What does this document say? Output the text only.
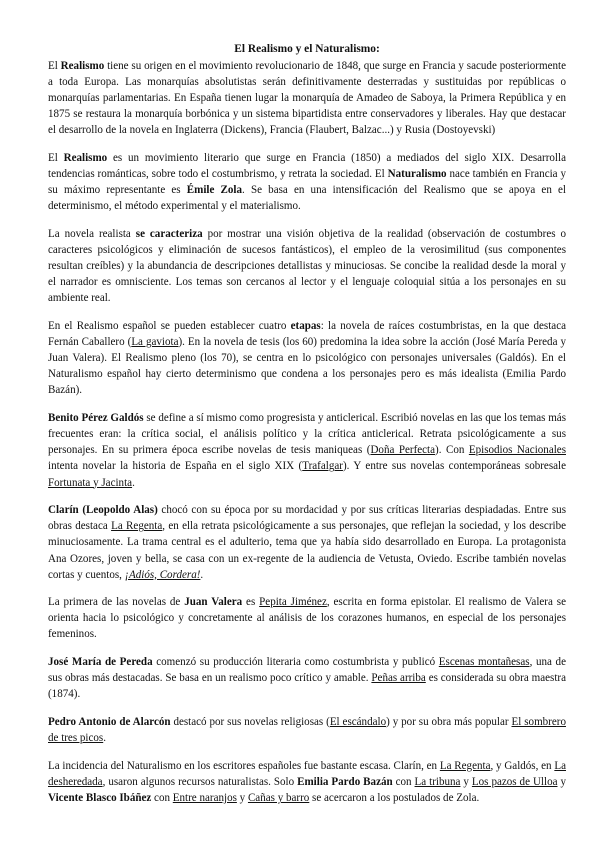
El Realismo y el Naturalismo:

El Realismo tiene su origen en el movimiento revolucionario de 1848, que surge en Francia y sacude posteriormente a toda Europa. Las monarquías absolutistas serán definitivamente desterradas y sustituidas por repúblicas o monarquías parlamentarias. En España tienen lugar la monarquía de Amadeo de Saboya, la Primera República y en 1875 se restaura la monarquía borbónica y un sistema bipartidista entre conservadores y liberales. Hay que destacar el desarrollo de la novela en Inglaterra (Dickens), Francia (Flaubert, Balzac...) y Rusia (Dostoyevski)

El Realismo es un movimiento literario que surge en Francia (1850) a mediados del siglo XIX. Desarrolla tendencias románticas, sobre todo el costumbrismo, y retrata la sociedad. El Naturalismo nace también en Francia y su máximo representante es Émile Zola. Se basa en una intensificación del Realismo que se apoya en el determinismo, el método experimental y el materialismo.

La novela realista se caracteriza por mostrar una visión objetiva de la realidad (observación de costumbres o caracteres psicológicos y eliminación de sucesos fantásticos), el empleo de la verosimilitud (sus componentes resultan creíbles) y la abundancia de descripciones detallistas y minuciosas. Se concibe la realidad desde la moral y el narrador es omnisciente. Los temas son cercanos al lector y el lenguaje coloquial sitúa a los personajes en su ambiente real.

En el Realismo español se pueden establecer cuatro etapas: la novela de raíces costumbristas, en la que destaca Fernán Caballero (La gaviota). En la novela de tesis (los 60) predomina la idea sobre la acción (José María Pereda y Juan Valera). El Realismo pleno (los 70), se centra en lo psicológico con personajes universales (Galdós). En el Naturalismo español hay cierto determinismo que condena a los personajes pero es más idealista (Emilia Pardo Bazán).

Benito Pérez Galdós se define a sí mismo como progresista y anticlerical. Escribió novelas en las que los temas más frecuentes eran: la crítica social, el análisis político y la crítica anticlerical. Retrata psicológicamente a sus personajes. En su primera época escribe novelas de tesis maniqueas (Doña Perfecta). Con Episodios Nacionales intenta novelar la historia de España en el siglo XIX (Trafalgar). Y entre sus novelas contemporáneas sobresale Fortunata y Jacinta.

Clarín (Leopoldo Alas) chocó con su época por su mordacidad y por sus críticas literarias despiadadas. Entre sus obras destaca La Regenta, en ella retrata psicológicamente a sus personajes, que reflejan la sociedad, y los describe minuciosamente. La trama central es el adulterio, tema que ya había sido desarrollado en Europa. La protagonista Ana Ozores, joven y bella, se casa con un ex-regente de la audiencia de Vetusta, Oviedo. Escribe también novelas cortas y cuentos, ¡Adiós, Cordera!.

La primera de las novelas de Juan Valera es Pepita Jiménez, escrita en forma epistolar. El realismo de Valera se orienta hacia lo psicológico y concretamente al análisis de los corazones humanos, en especial de los personajes femeninos.

José María de Pereda comenzó su producción literaria como costumbrista y publicó Escenas montañesas, una de sus obras más destacadas. Se basa en un realismo poco crítico y amable. Peñas arriba es considerada su obra maestra (1874).

Pedro Antonio de Alarcón destacó por sus novelas religiosas (El escándalo) y por su obra más popular El sombrero de tres picos.

La incidencia del Naturalismo en los escritores españoles fue bastante escasa. Clarín, en La Regenta, y Galdós, en La desheredada, usaron algunos recursos naturalistas. Solo Emilia Pardo Bazán con La tribuna y Los pazos de Ulloa y Vicente Blasco Ibáñez con Entre naranjos y Cañas y barro se acercaron a los postulados de Zola.
